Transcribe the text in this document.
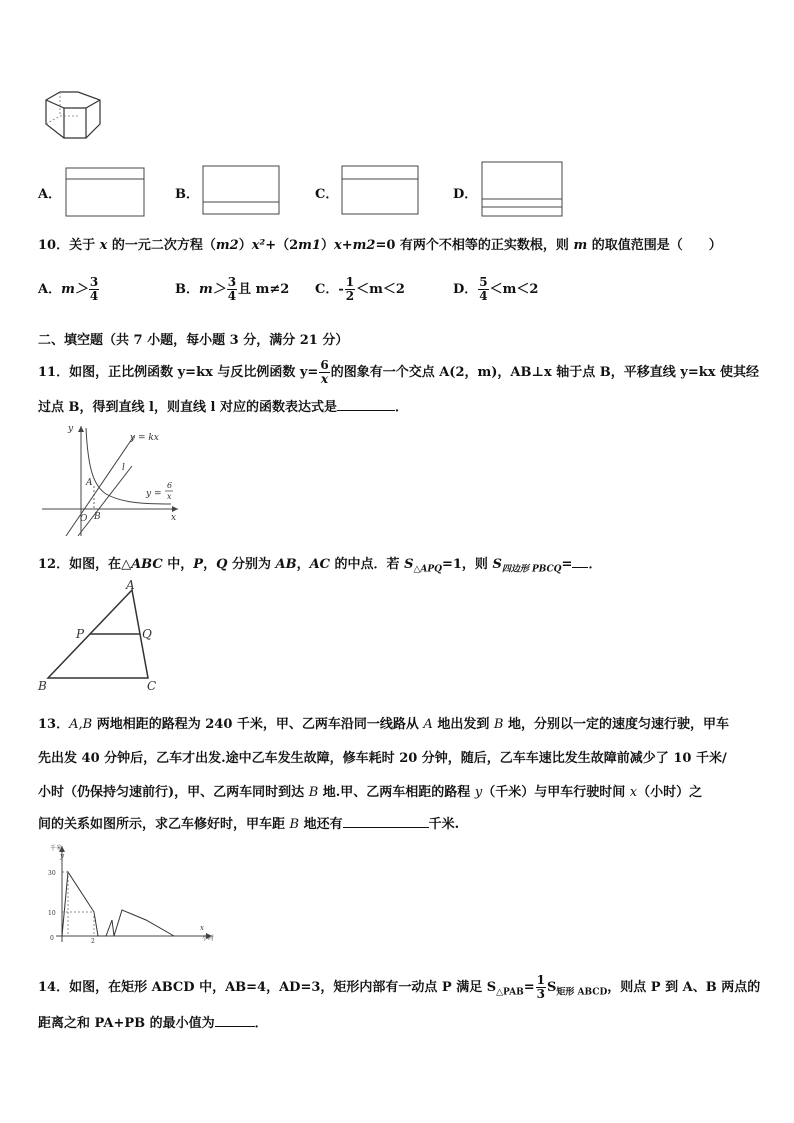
A．	B．	C．	D．
10．关于 x 的一元二次方程（m2）x²+（2m1）x+m2=0 有两个不相等的正实数根，则 m 的取值范围是（　　）
A．$m> \frac{3}{4}$	B．$m> \frac{3}{4}$ 且 m≠2 C．- $\frac{1}{2} <m<2$	D． $\frac{5}{4} <m<2$
二、填空题（共 7 小题，每小题 3 分，满分 21 分）
11．如图，正比例函数 y=kx 与反比例函数 $y= \frac{6}{x}$ 的图象有一个交点 A(2，m)，AB⊥x 轴于点 B，平移直线 y=kx 使其经
过点 B，得到直线 l，则直线 l 对应的函数表达式是	．
y
x
O
A
B
l
y = kx
y =
6
x
12．如图，在△ABC 中，P，Q 分别为 AB，AC 的中点．若 $S_{\triangle APQ}=1$，则 $S_{四边形 PBCQ}=$ ．
A
B	C
P	Q
13．A,B 两地相距的路程为 240 千米，甲、乙两车沿同一线路从 A 地出发到 B 地，分别以一定的速度匀速行驶，甲车
先出发 40 分钟后，乙车才出发.途中乙车发生故障，修车耗时 20 分钟，随后，乙车车速比发生故障前减少了 10 千米/
小时（仍保持匀速前行)，甲、乙两车同时到达 B 地.甲、乙两车相距的路程 y（千米）与甲车行驶时间 x（小时）之
间的关系如图所示，求乙车修好时，甲车距 B 地还有	千米.
千米
y
x
小时
30
10
0	2
14．如图，在矩形 ABCD 中，AB=4，AD=3，矩形内部有一动点 P 满足 $S_{\triangle PAB}= \frac{1}{3} S_{矩形 ABCD}$，则点 P 到 A、B 两点的
距离之和 PA+PB 的最小值为	．
